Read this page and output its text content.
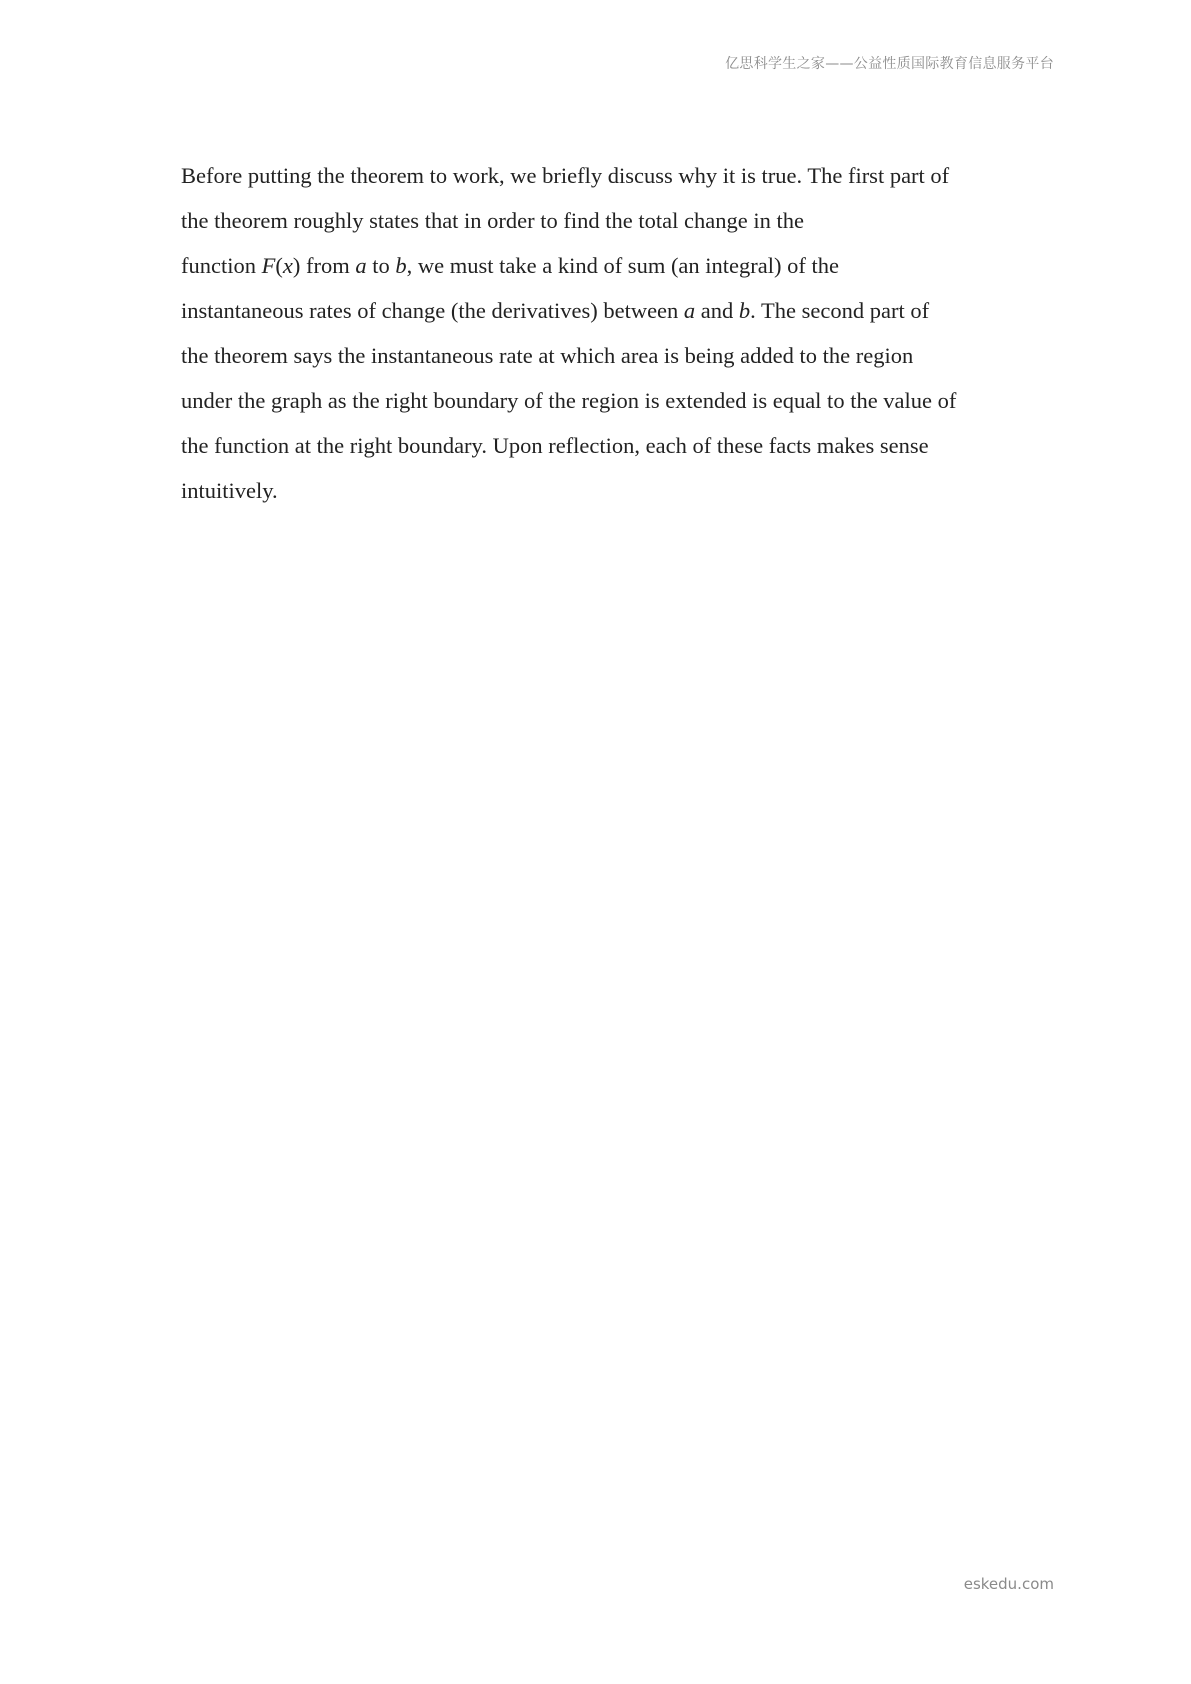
亿思科学生之家——公益性质国际教育信息服务平台
Before putting the theorem to work, we briefly discuss why it is true. The first part of
the theorem roughly states that in order to find the total change in the
function F(x) from a to b, we must take a kind of sum (an integral) of the
instantaneous rates of change (the derivatives) between a and b. The second part of
the theorem says the instantaneous rate at which area is being added to the region
under the graph as the right boundary of the region is extended is equal to the value of
the function at the right boundary. Upon reflection, each of these facts makes sense
intuitively.
eskedu.com
